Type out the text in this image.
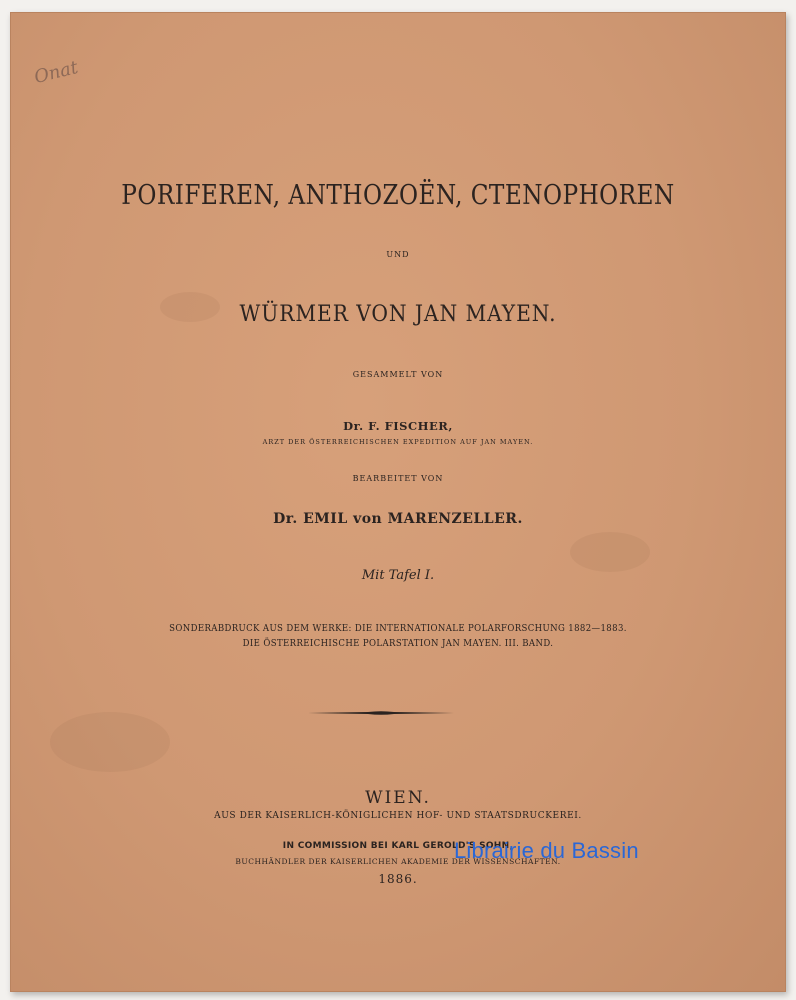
Onat
PORIFEREN, ANTHOZOËN, CTENOPHOREN
UND
WÜRMER VON JAN MAYEN.
GESAMMELT VON
Dr. F. FISCHER,
ARZT DER ÖSTERREICHISCHEN EXPEDITION AUF JAN MAYEN.
BEARBEITET VON
Dr. EMIL von MARENZELLER.
Mit Tafel I.
SONDERABDRUCK AUS DEM WERKE: DIE INTERNATIONALE POLARFORSCHUNG 1882—1883.
DIE ÖSTERREICHISCHE POLARSTATION JAN MAYEN. III. BAND.
WIEN.
AUS DER KAISERLICH-KÖNIGLICHEN HOF- UND STAATSDRUCKEREI.
IN COMMISSION BEI KARL GEROLD'S SOHN,
BUCHHÄNDLER DER KAISERLICHEN AKADEMIE DER WISSENSCHAFTEN.
1886.
Librairie du Bassin
